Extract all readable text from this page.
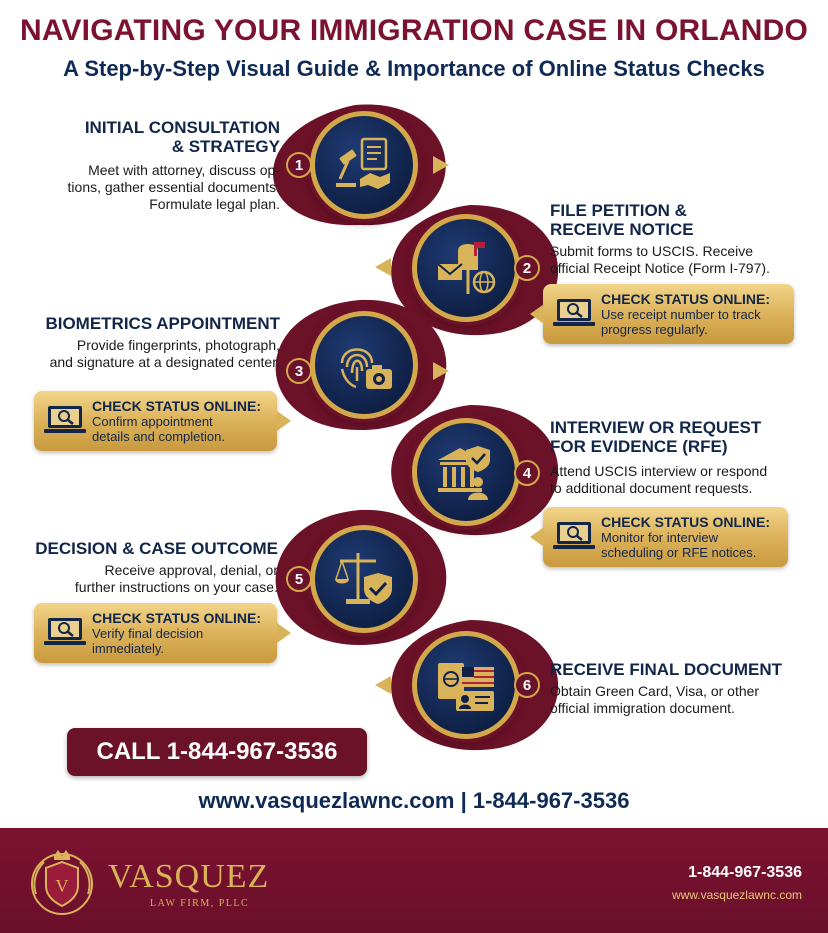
NAVIGATING YOUR IMMIGRATION CASE IN ORLANDO
A Step-by-Step Visual Guide & Importance of Online Status Checks
INITIAL CONSULTATION
& STRATEGY
Meet with attorney, discuss op-
tions, gather essential documents.
Formulate legal plan.
1
FILE PETITION &
RECEIVE NOTICE
Submit forms to USCIS. Receive
official Receipt Notice (Form I-797).
2
CHECK STATUS ONLINE:
Use receipt number to track
progress regularly.
BIOMETRICS APPOINTMENT
Provide fingerprints, photograph,
and signature at a designated center.
3
CHECK STATUS ONLINE:
Confirm appointment
details and completion.	INTERVIEW OR REQUEST
FOR EVIDENCE (RFE)
Attend USCIS interview or respond
to additional document requests.
4
CHECK STATUS ONLINE:
Monitor for interview
scheduling or RFE notices.
DECISION & CASE OUTCOME
Receive approval, denial, or
further instructions on your case.	5
CHECK STATUS ONLINE:
Verify final decision
immediately.
RECEIVE FINAL DOCUMENT
Obtain Green Card, Visa, or other
official immigration document.
6
CALL 1-844-967-3536
www.vasquezlawnc.com | 1-844-967-3536
V VASQUEZ
LAW FIRM, PLLC
1-844-967-3536
www.vasquezlawnc.com
